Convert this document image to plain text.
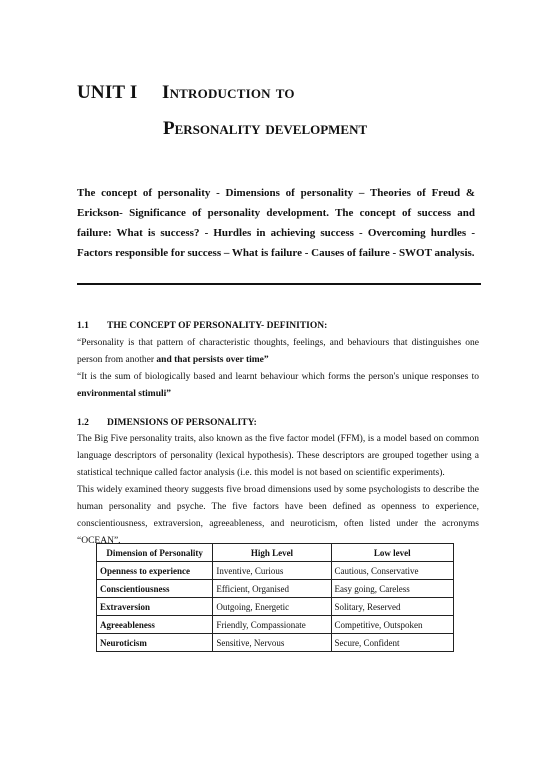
UNIT I Introduction to
Personality development
The concept of personality - Dimensions of personality – Theories of Freud & Erickson- Significance of personality development. The concept of success and failure: What is success? - Hurdles in achieving success - Overcoming hurdles - Factors responsible for success – What is failure - Causes of failure - SWOT analysis.
1.1 THE CONCEPT OF PERSONALITY- DEFINITION:
“Personality is that pattern of characteristic thoughts, feelings, and behaviours that distinguishes one person from another and that persists over time”
“It is the sum of biologically based and learnt behaviour which forms the person's unique responses to environmental stimuli”
1.2 DIMENSIONS OF PERSONALITY:
The Big Five personality traits, also known as the five factor model (FFM), is a model based on common language descriptors of personality (lexical hypothesis). These descriptors are grouped together using a statistical technique called factor analysis (i.e. this model is not based on scientific experiments).
This widely examined theory suggests five broad dimensions used by some psychologists to describe the human personality and psyche. The five factors have been defined as openness to experience, conscientiousness, extraversion, agreeableness, and neuroticism, often listed under the acronyms “OCEAN”.
Dimension of Personality	High Level	Low level
Openness to experience	Inventive, Curious	Cautious, Conservative
Conscientiousness	Efficient, Organised	Easy going, Careless
Extraversion	Outgoing, Energetic	Solitary, Reserved
Agreeableness	Friendly, Compassionate	Competitive, Outspoken
Neuroticism	Sensitive, Nervous	Secure, Confident
